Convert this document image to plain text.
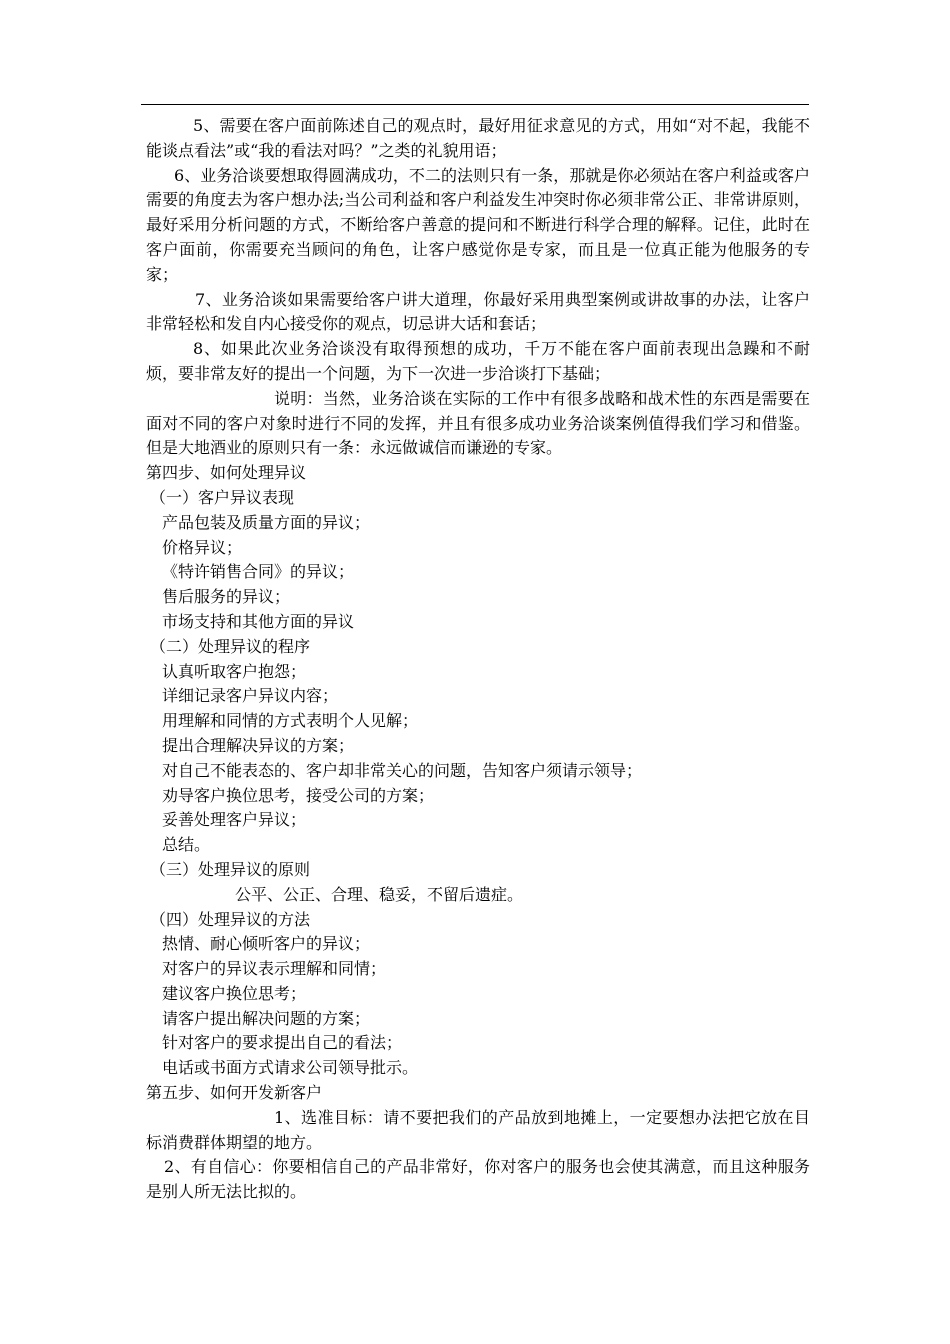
5、需要在客户面前陈述自己的观点时，最好用征求意见的方式，用如“对不起，我能不能谈点看法”或“我的看法对吗？”之类的礼貌用语；

6、业务洽谈要想取得圆满成功，不二的法则只有一条，那就是你必须站在客户利益或客户需要的角度去为客户想办法;当公司利益和客户利益发生冲突时你必须非常公正、非常讲原则，最好采用分析问题的方式，不断给客户善意的提问和不断进行科学合理的解释。记住，此时在客户面前，你需要充当顾问的角色，让客户感觉你是专家，而且是一位真正能为他服务的专家；

7、业务洽谈如果需要给客户讲大道理，你最好采用典型案例或讲故事的办法，让客户非常轻松和发自内心接受你的观点，切忌讲大话和套话；

8、如果此次业务洽谈没有取得预想的成功，千万不能在客户面前表现出急躁和不耐烦，要非常友好的提出一个问题，为下一次进一步洽谈打下基础；

说明：当然，业务洽谈在实际的工作中有很多战略和战术性的东西是需要在面对不同的客户对象时进行不同的发挥，并且有很多成功业务洽谈案例值得我们学习和借鉴。但是大地酒业的原则只有一条：永远做诚信而谦逊的专家。

第四步、如何处理异议

（一）客户异议表现

产品包装及质量方面的异议；

价格异议；

《特许销售合同》的异议；

售后服务的异议；

市场支持和其他方面的异议

（二）处理异议的程序

认真听取客户抱怨；

详细记录客户异议内容；

用理解和同情的方式表明个人见解；

提出合理解决异议的方案；

对自己不能表态的、客户却非常关心的问题，告知客户须请示领导；

劝导客户换位思考，接受公司的方案；

妥善处理客户异议；

总结。

（三）处理异议的原则

公平、公正、合理、稳妥，不留后遗症。

（四）处理异议的方法

热情、耐心倾听客户的异议；

对客户的异议表示理解和同情；

建议客户换位思考；

请客户提出解决问题的方案；

针对客户的要求提出自己的看法；

电话或书面方式请求公司领导批示。

第五步、如何开发新客户

1、选准目标：请不要把我们的产品放到地摊上，一定要想办法把它放在目标消费群体期望的地方。

2、有自信心：你要相信自己的产品非常好，你对客户的服务也会使其满意，而且这种服务是别人所无法比拟的。
